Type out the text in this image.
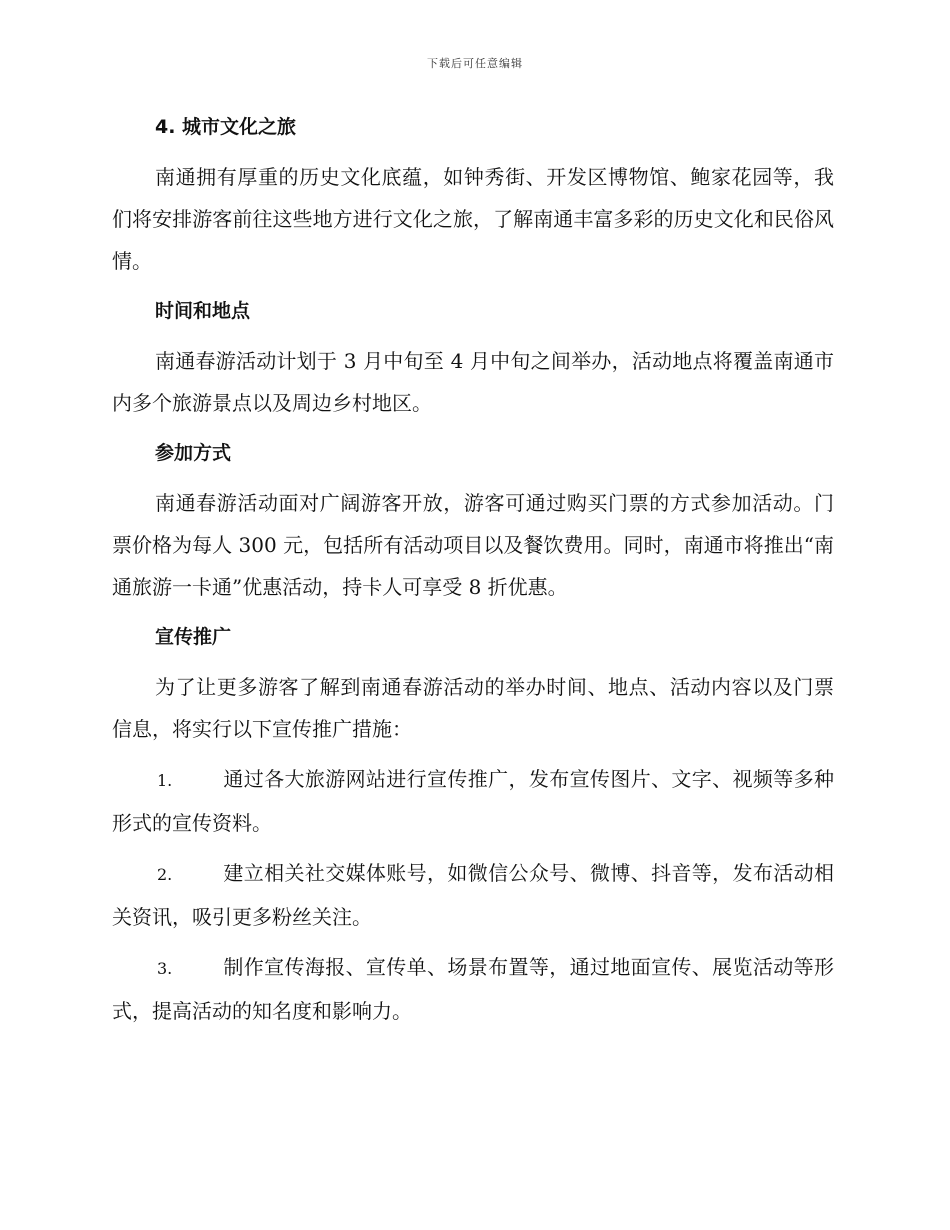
下载后可任意编辑
4. 城市文化之旅

南通拥有厚重的历史文化底蕴，如钟秀街、开发区博物馆、鲍家花园等，我们将安排游客前往这些地方进行文化之旅，了解南通丰富多彩的历史文化和民俗风情。

时间和地点

南通春游活动计划于 3 月中旬至 4 月中旬之间举办，活动地点将覆盖南通市内多个旅游景点以及周边乡村地区。

参加方式

南通春游活动面对广阔游客开放，游客可通过购买门票的方式参加活动。门票价格为每人 300 元，包括所有活动项目以及餐饮费用。同时，南通市将推出“南通旅游一卡通”优惠活动，持卡人可享受 8 折优惠。

宣传推广

为了让更多游客了解到南通春游活动的举办时间、地点、活动内容以及门票信息，将实行以下宣传推广措施：

1.	通过各大旅游网站进行宣传推广，发布宣传图片、文字、视频等多种形式的宣传资料。

2.	建立相关社交媒体账号，如微信公众号、微博、抖音等，发布活动相关资讯，吸引更多粉丝关注。

3.	制作宣传海报、宣传单、场景布置等，通过地面宣传、展览活动等形式，提高活动的知名度和影响力。
